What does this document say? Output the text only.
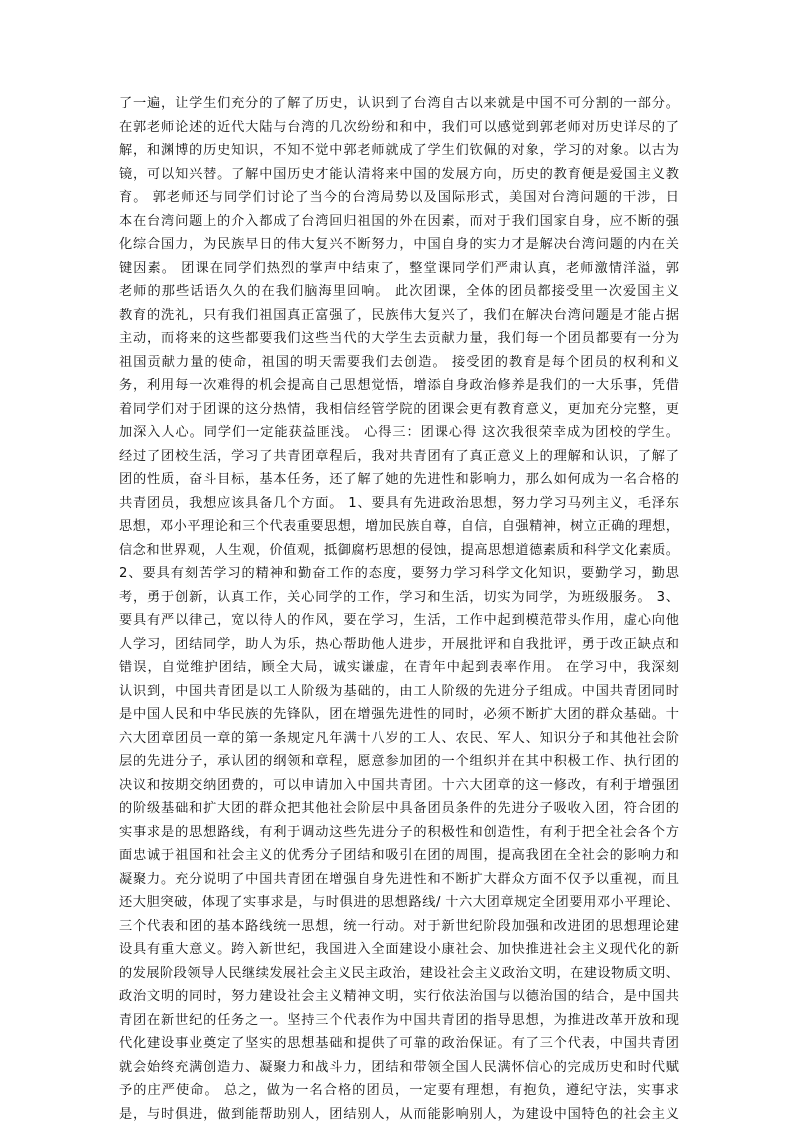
了一遍，让学生们充分的了解了历史，认识到了台湾自古以来就是中国不可分割的一部分。
在郭老师论述的近代大陆与台湾的几次纷纷和和中，我们可以感觉到郭老师对历史详尽的了
解，和渊博的历史知识，不知不觉中郭老师就成了学生们钦佩的对象，学习的对象。以古为
镜，可以知兴替。了解中国历史才能认清将来中国的发展方向，历史的教育便是爱国主义教
育。 郭老师还与同学们讨论了当今的台湾局势以及国际形式，美国对台湾问题的干涉，日
本在台湾问题上的介入都成了台湾回归祖国的外在因素，而对于我们国家自身，应不断的强
化综合国力，为民族早日的伟大复兴不断努力，中国自身的实力才是解决台湾问题的内在关
键因素。 团课在同学们热烈的掌声中结束了，整堂课同学们严肃认真，老师激情洋溢，郭
老师的那些话语久久的在我们脑海里回响。 此次团课，全体的团员都接受里一次爱国主义
教育的洗礼，只有我们祖国真正富强了，民族伟大复兴了，我们在解决台湾问题是才能占据
主动，而将来的这些都要我们这些当代的大学生去贡献力量，我们每一个团员都要有一分为
祖国贡献力量的使命，祖国的明天需要我们去创造。 接受团的教育是每个团员的权利和义
务，利用每一次难得的机会提高自己思想觉悟，增添自身政治修养是我们的一大乐事，凭借
着同学们对于团课的这分热情，我相信经管学院的团课会更有教育意义，更加充分完整，更
加深入人心。同学们一定能获益匪浅。 心得三：团课心得 这次我很荣幸成为团校的学生。
经过了团校生活，学习了共青团章程后，我对共青团有了真正意义上的理解和认识，了解了
团的性质，奋斗目标，基本任务，还了解了她的先进性和影响力，那么如何成为一名合格的
共青团员，我想应该具备几个方面。 1、要具有先进政治思想，努力学习马列主义，毛泽东
思想，邓小平理论和三个代表重要思想，增加民族自尊，自信，自强精神，树立正确的理想，
信念和世界观，人生观，价值观，抵御腐朽思想的侵蚀，提高思想道德素质和科学文化素质。
2、要具有刻苦学习的精神和勤奋工作的态度，要努力学习科学文化知识，要勤学习，勤思
考，勇于创新，认真工作，关心同学的工作，学习和生活，切实为同学，为班级服务。 3、
要具有严以律己，宽以待人的作风，要在学习，生活，工作中起到模范带头作用，虚心向他
人学习，团结同学，助人为乐，热心帮助他人进步，开展批评和自我批评，勇于改正缺点和
错误，自觉维护团结，顾全大局，诚实谦虚，在青年中起到表率作用。 在学习中，我深刻
认识到，中国共青团是以工人阶级为基础的，由工人阶级的先进分子组成。中国共青团同时
是中国人民和中华民族的先锋队，团在增强先进性的同时，必须不断扩大团的群众基础。十
六大团章团员一章的第一条规定凡年满十八岁的工人、农民、军人、知识分子和其他社会阶
层的先进分子，承认团的纲领和章程，愿意参加团的一个组织并在其中积极工作、执行团的
决议和按期交纳团费的，可以申请加入中国共青团。十六大团章的这一修改，有利于增强团
的阶级基础和扩大团的群众把其他社会阶层中具备团员条件的先进分子吸收入团，符合团的
实事求是的思想路线，有利于调动这些先进分子的积极性和创造性，有利于把全社会各个方
面忠诚于祖国和社会主义的优秀分子团结和吸引在团的周围，提高我团在全社会的影响力和
凝聚力。充分说明了中国共青团在增强自身先进性和不断扩大群众方面不仅予以重视，而且
还大胆突破，体现了实事求是，与时俱进的思想路线/ 十六大团章规定全团要用邓小平理论、
三个代表和团的基本路线统一思想，统一行动。对于新世纪阶段加强和改进团的思想理论建
设具有重大意义。跨入新世纪，我国进入全面建设小康社会、加快推进社会主义现代化的新
的发展阶段领导人民继续发展社会主义民主政治，建设社会主义政治文明，在建设物质文明、
政治文明的同时，努力建设社会主义精神文明，实行依法治国与以德治国的结合，是中国共
青团在新世纪的任务之一。坚持三个代表作为中国共青团的指导思想，为推进改革开放和现
代化建设事业奠定了坚实的思想基础和提供了可靠的政治保证。有了三个代表，中国共青团
就会始终充满创造力、凝聚力和战斗力，团结和带领全国人民满怀信心的完成历史和时代赋
予的庄严使命。 总之，做为一名合格的团员，一定要有理想，有抱负，遵纪守法，实事求
是，与时俱进，做到能帮助别人，团结别人，从而能影响别人，为建设中国特色的社会主义
